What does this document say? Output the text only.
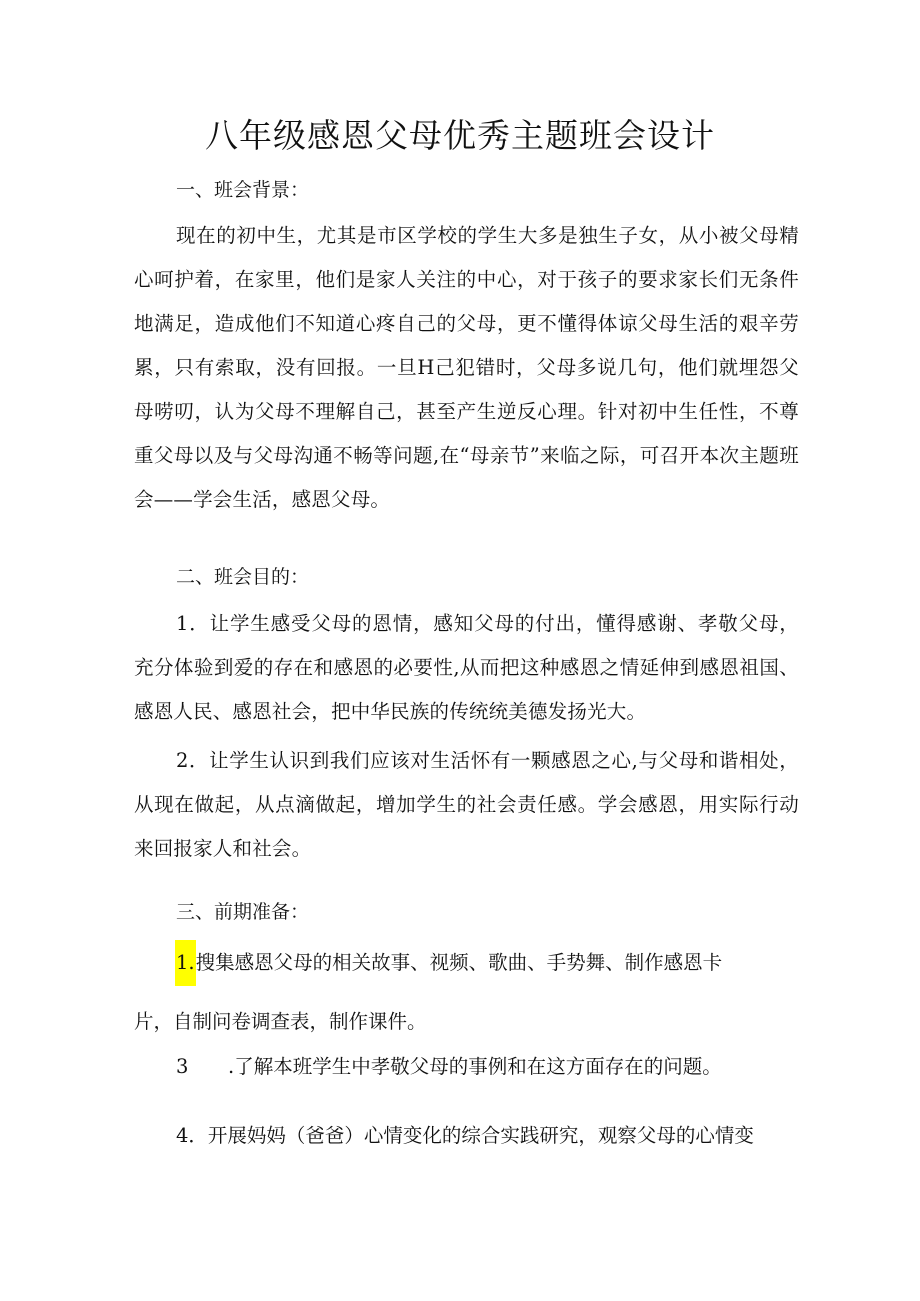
八年级感恩父母优秀主题班会设计

一、班会背景：

现在的初中生，尤其是市区学校的学生大多是独生子女，从小被父母精心呵护着，在家里，他们是家人关注的中心，对于孩子的要求家长们无条件地满足，造成他们不知道心疼自己的父母，更不懂得体谅父母生活的艰辛劳累，只有索取，没有回报。一旦H己犯错时，父母多说几句，他们就埋怨父母唠叨，认为父母不理解自己，甚至产生逆反心理。针对初中生任性，不尊重父母以及与父母沟通不畅等问题,在“母亲节”来临之际，可召开本次主题班会——学会生活，感恩父母。

二、班会目的：

1．让学生感受父母的恩情，感知父母的付出，懂得感谢、孝敬父母，充分体验到爱的存在和感恩的必要性,从而把这种感恩之情延伸到感恩祖国、感恩人民、感恩社会，把中华民族的传统统美德发扬光大。

2．让学生认识到我们应该对生活怀有一颗感恩之心,与父母和谐相处，从现在做起，从点滴做起，增加学生的社会责任感。学会感恩，用实际行动来回报家人和社会。

三、前期准备：

1.搜集感恩父母的相关故事、视频、歌曲、手势舞、制作感恩卡

片，自制问卷调查表，制作课件。

3 .了解本班学生中孝敬父母的事例和在这方面存在的问题。

4．开展妈妈（爸爸）心情变化的综合实践研究，观察父母的心情变
